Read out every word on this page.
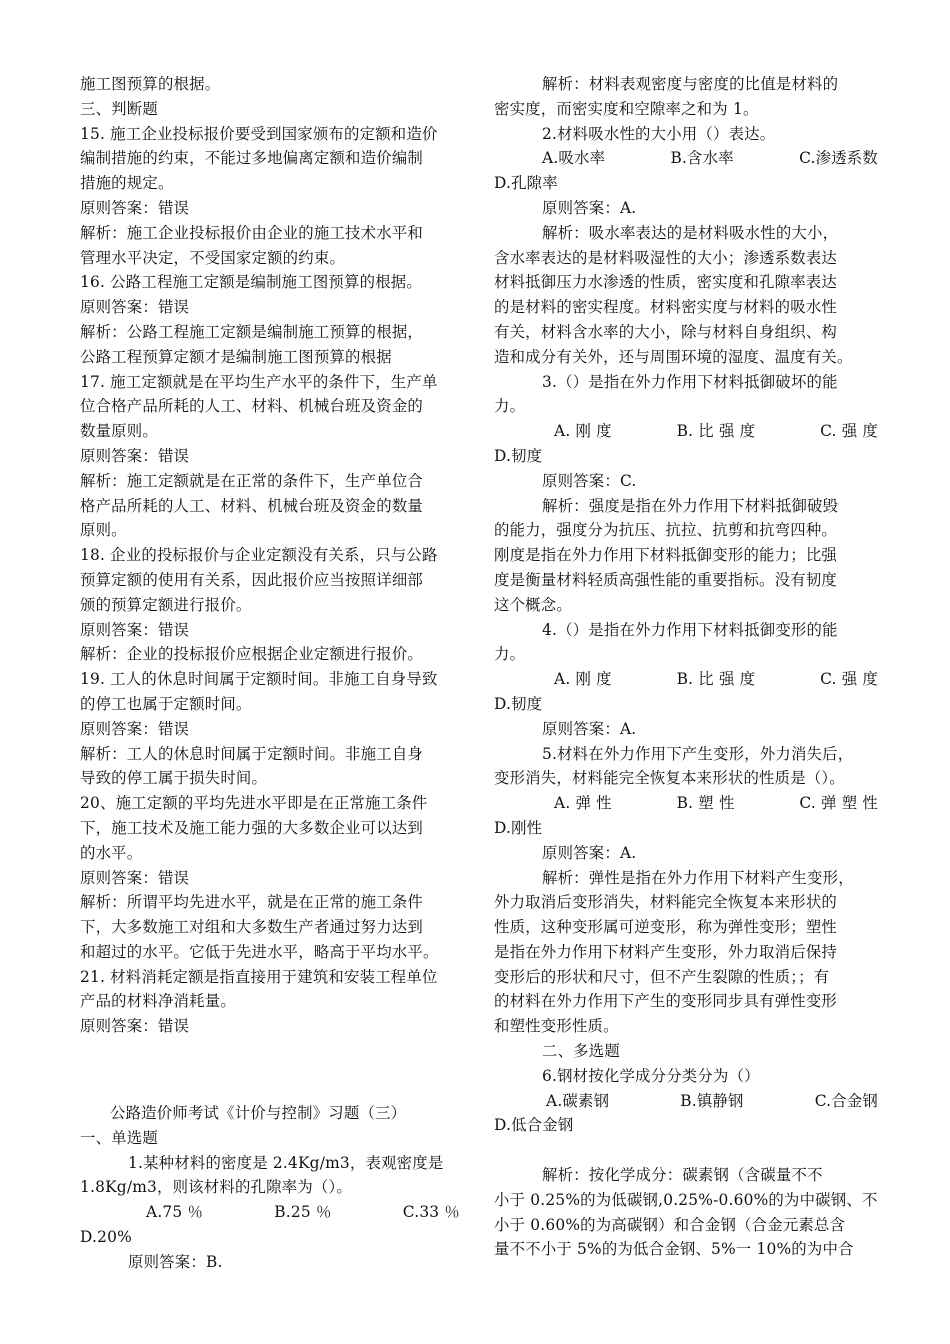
施工图预算的根据。
三、判断题
15. 施工企业投标报价要受到国家颁布的定额和造价
编制措施的约束，不能过多地偏离定额和造价编制
措施的规定。
原则答案：错误
解析：施工企业投标报价由企业的施工技术水平和
管理水平决定，不受国家定额的约束。
16. 公路工程施工定额是编制施工图预算的根据。
原则答案：错误
解析：公路工程施工定额是编制施工预算的根据，
公路工程预算定额才是编制施工图预算的根据
17. 施工定额就是在平均生产水平的条件下，生产单
位合格产品所耗的人工、材料、机械台班及资金的
数量原则。
原则答案：错误
解析：施工定额就是在正常的条件下，生产单位合
格产品所耗的人工、材料、机械台班及资金的数量
原则。
18. 企业的投标报价与企业定额没有关系，只与公路
预算定额的使用有关系，因此报价应当按照详细部
颁的预算定额进行报价。
原则答案：错误
解析：企业的投标报价应根据企业定额进行报价。
19. 工人的休息时间属于定额时间。非施工自身导致
的停工也属于定额时间。
原则答案：错误
解析：工人的休息时间属于定额时间。非施工自身
导致的停工属于损失时间。
20、施工定额的平均先进水平即是在正常施工条件
下，施工技术及施工能力强的大多数企业可以达到
的水平。
原则答案：错误
解析：所谓平均先进水平，就是在正常的施工条件
下，大多数施工对组和大多数生产者通过努力达到
和超过的水平。它低于先进水平，略高于平均水平。
21. 材料消耗定额是指直接用于建筑和安装工程单位
产品的材料净消耗量。
原则答案：错误
公路造价师考试《计价与控制》习题（三）
一、单选题
1.某种材料的密度是 2.4Kg/m3，表观密度是
1.8Kg/m3，则该材料的孔隙率为（）。
A.75 ％	B.25 ％	C.33 ％
D.20%
原则答案：B.
解析：材料表观密度与密度的比值是材料的
密实度，而密实度和空隙率之和为 1。
2.材料吸水性的大小用（）表达。
A.吸水率	B.含水率	C.渗透系数
D.孔隙率
原则答案：A.
解析：吸水率表达的是材料吸水性的大小，
含水率表达的是材料吸湿性的大小；渗透系数表达
材料抵御压力水渗透的性质，密实度和孔隙率表达
的是材料的密实程度。材料密实度与材料的吸水性
有关，材料含水率的大小，除与材料自身组织、构
造和成分有关外，还与周围环境的湿度、温度有关。
3.（）是指在外力作用下材料抵御破坏的能
力。
A. 刚 度	B. 比 强 度	C. 强 度
D.韧度
原则答案：C.
解析：强度是指在外力作用下材料抵御破毁
的能力，强度分为抗压、抗拉、抗剪和抗弯四种。
刚度是指在外力作用下材料抵御变形的能力；比强
度是衡量材料轻质高强性能的重要指标。没有韧度
这个概念。
4.（）是指在外力作用下材料抵御变形的能
力。
A. 刚 度	B. 比 强 度	C. 强 度
D.韧度
原则答案：A.
5.材料在外力作用下产生变形，外力消失后，
变形消失，材料能完全恢复本来形状的性质是（）。
A. 弹 性	B. 塑 性	C. 弹 塑 性
D.刚性
原则答案：A.
解析：弹性是指在外力作用下材料产生变形，
外力取消后变形消失，材料能完全恢复本来形状的
性质，这种变形属可逆变形，称为弹性变形；塑性
是指在外力作用下材料产生变形，外力取消后保持
变形后的形状和尺寸，但不产生裂隙的性质；；有
的材料在外力作用下产生的变形同步具有弹性变形
和塑性变形性质。
二、多选题
6.钢材按化学成分分类分为（）
A.碳素钢	B.镇静钢	C.合金钢
D.低合金钢
解析：按化学成分：碳素钢（含碳量不不
小于 0.25%的为低碳钢,0.25%-0.60%的为中碳钢、不
小于 0.60%的为高碳钢）和合金钢（合金元素总含
量不不小于 5%的为低合金钢、5%一 10%的为中合
